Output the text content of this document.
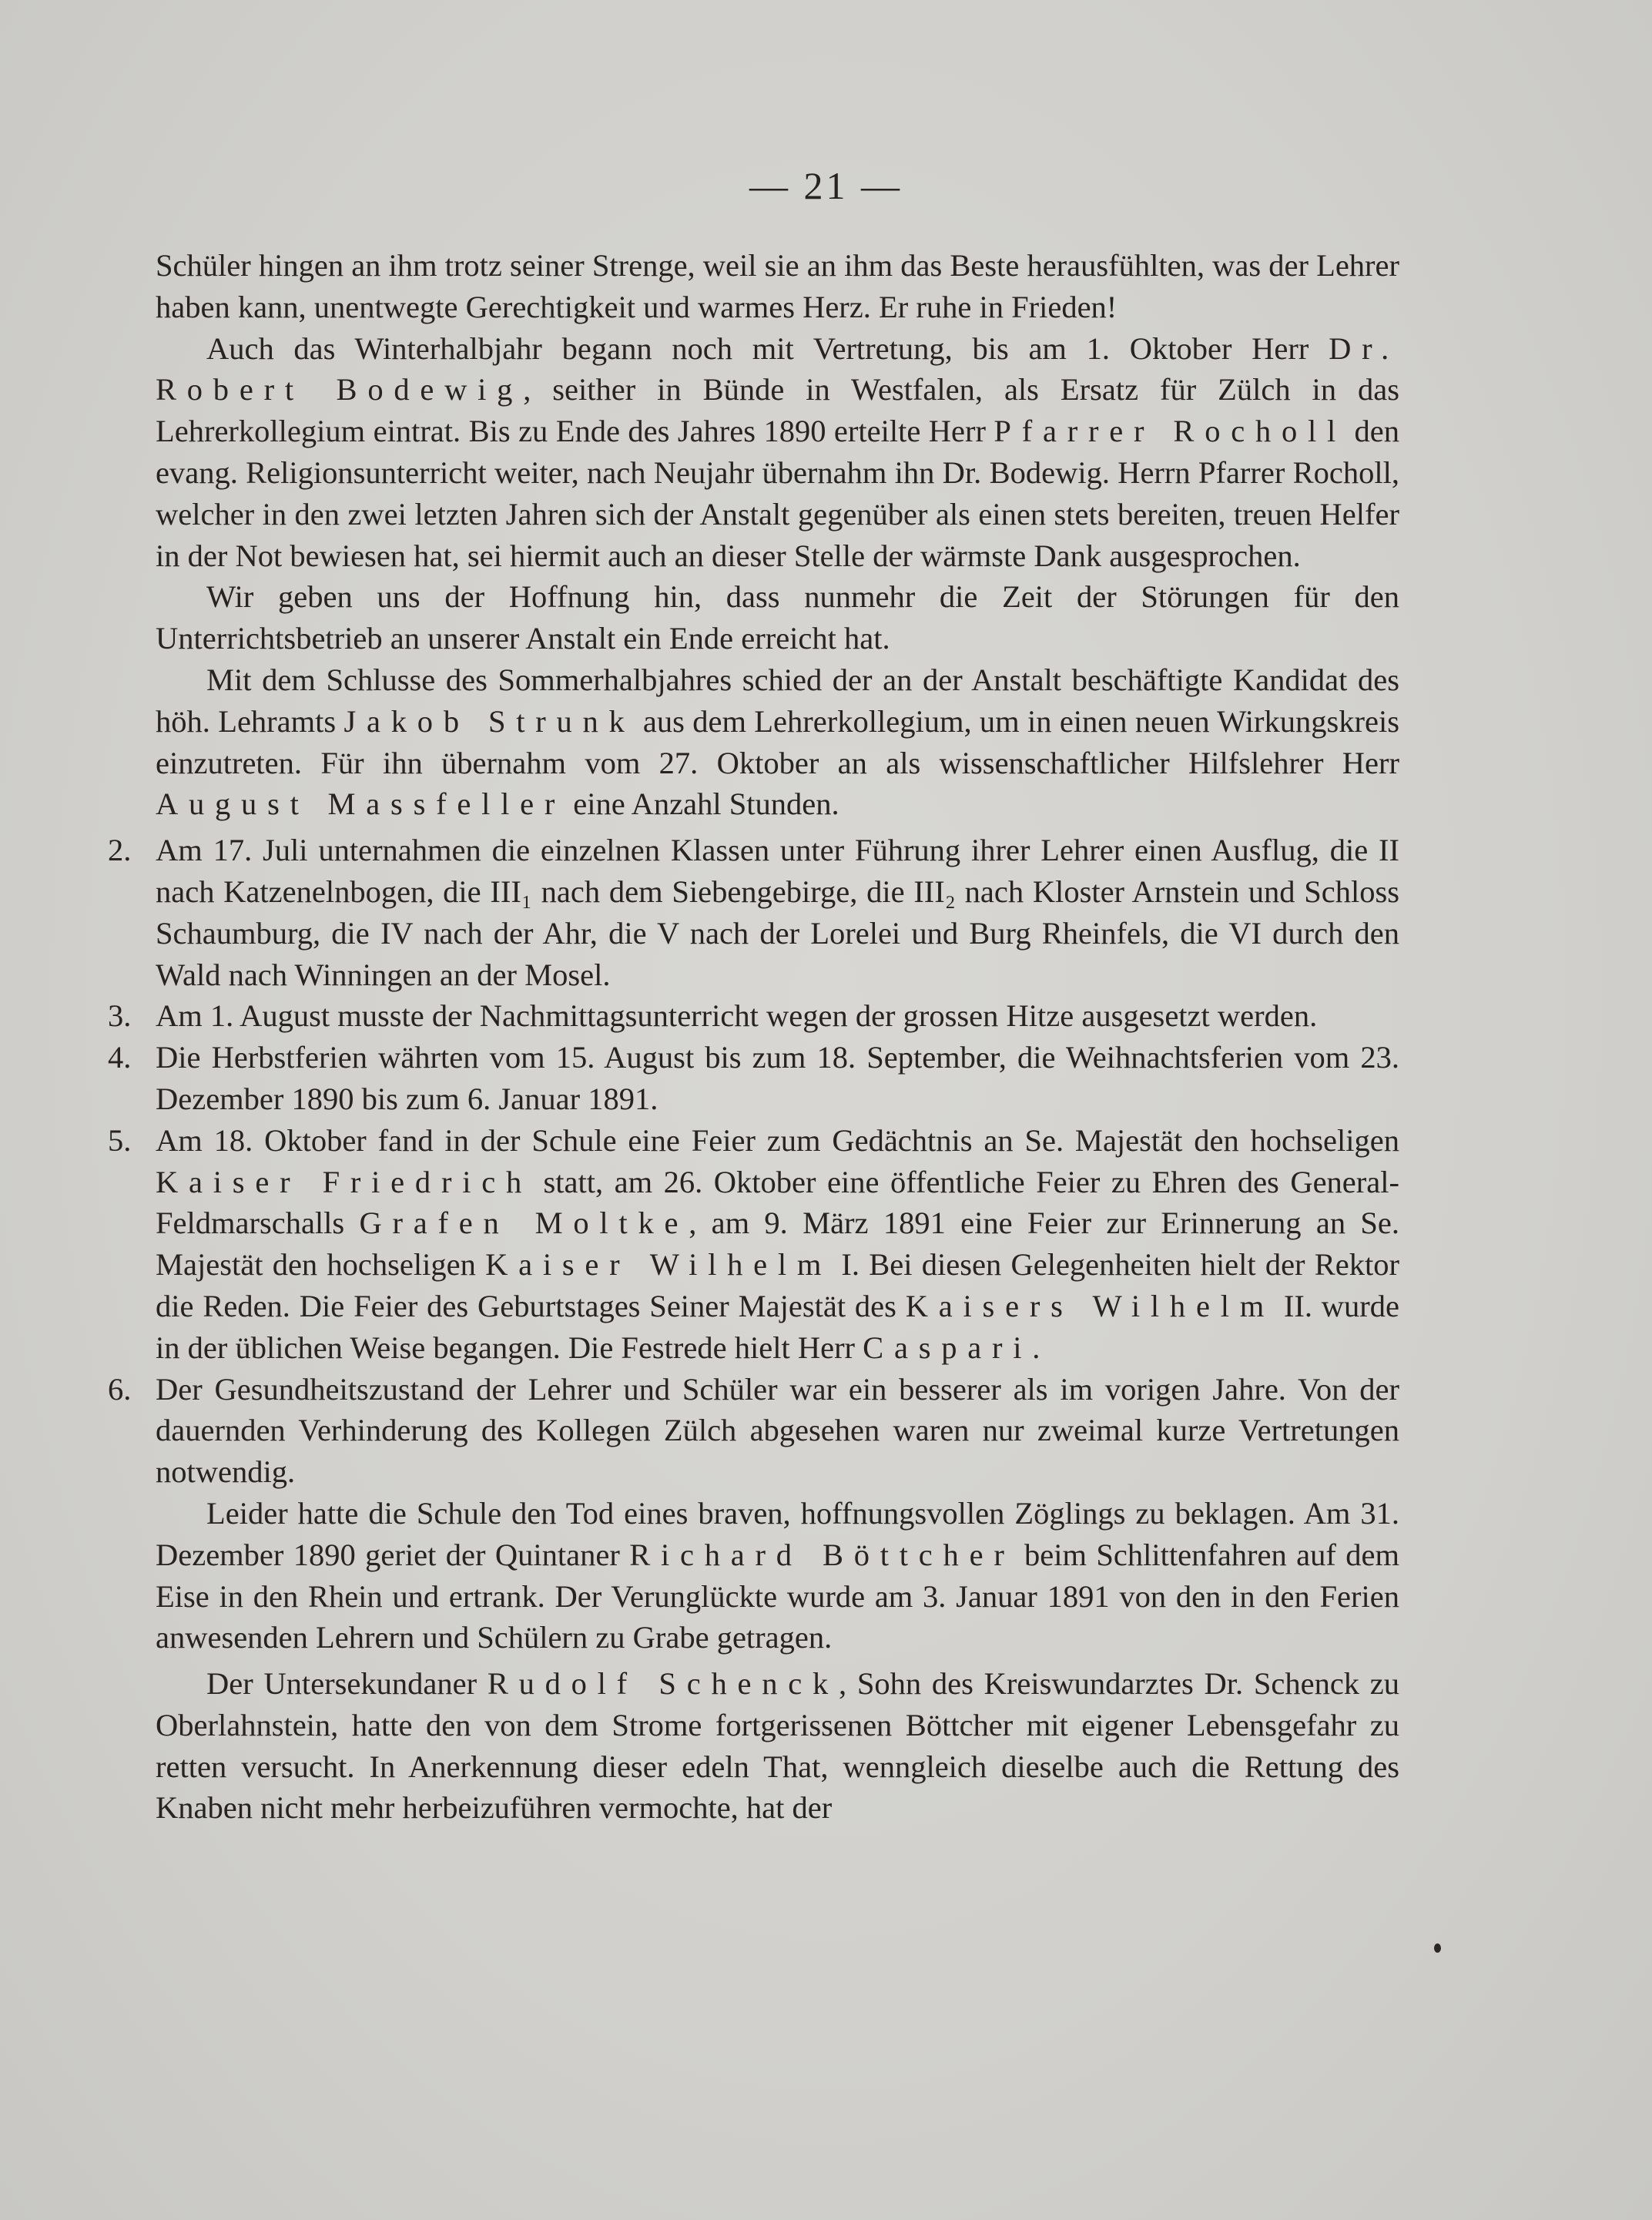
— 21 —

Schüler hingen an ihm trotz seiner Strenge, weil sie an ihm das Beste herausfühlten, was der Lehrer haben kann, unentwegte Gerechtigkeit und warmes Herz. Er ruhe in Frieden!

Auch das Winterhalbjahr begann noch mit Vertretung, bis am 1. Oktober Herr Dr. Robert Bodewig, seither in Bünde in Westfalen, als Ersatz für Zülch in das Lehrerkollegium eintrat. Bis zu Ende des Jahres 1890 erteilte Herr Pfarrer Rocholl den evang. Religionsunterricht weiter, nach Neujahr übernahm ihn Dr. Bodewig. Herrn Pfarrer Rocholl, welcher in den zwei letzten Jahren sich der Anstalt gegenüber als einen stets bereiten, treuen Helfer in der Not bewiesen hat, sei hiermit auch an dieser Stelle der wärmste Dank ausgesprochen.

Wir geben uns der Hoffnung hin, dass nunmehr die Zeit der Störungen für den Unterrichtsbetrieb an unserer Anstalt ein Ende erreicht hat.

Mit dem Schlusse des Sommerhalbjahres schied der an der Anstalt beschäftigte Kandidat des höh. Lehramts Jakob Strunk aus dem Lehrerkollegium, um in einen neuen Wirkungskreis einzutreten. Für ihn übernahm vom 27. Oktober an als wissenschaftlicher Hilfslehrer Herr August Massfeller eine Anzahl Stunden.

2. Am 17. Juli unternahmen die einzelnen Klassen unter Führung ihrer Lehrer einen Ausflug, die II nach Katzenelnbogen, die III₁ nach dem Siebengebirge, die III₂ nach Kloster Arnstein und Schloss Schaumburg, die IV nach der Ahr, die V nach der Lorelei und Burg Rheinfels, die VI durch den Wald nach Winningen an der Mosel.

3. Am 1. August musste der Nachmittagsunterricht wegen der grossen Hitze ausgesetzt werden.

4. Die Herbstferien währten vom 15. August bis zum 18. September, die Weihnachtsferien vom 23. Dezember 1890 bis zum 6. Januar 1891.

5. Am 18. Oktober fand in der Schule eine Feier zum Gedächtnis an Se. Majestät den hochseligen Kaiser Friedrich statt, am 26. Oktober eine öffentliche Feier zu Ehren des General-Feldmarschalls Grafen Moltke, am 9. März 1891 eine Feier zur Erinnerung an Se. Majestät den hochseligen Kaiser Wilhelm I. Bei diesen Gelegenheiten hielt der Rektor die Reden. Die Feier des Geburtstages Seiner Majestät des Kaisers Wilhelm II. wurde in der üblichen Weise begangen. Die Festrede hielt Herr Caspari.

6. Der Gesundheitszustand der Lehrer und Schüler war ein besserer als im vorigen Jahre. Von der dauernden Verhinderung des Kollegen Zülch abgesehen waren nur zweimal kurze Vertretungen notwendig.

Leider hatte die Schule den Tod eines braven, hoffnungsvollen Zöglings zu beklagen. Am 31. Dezember 1890 geriet der Quintaner Richard Böttcher beim Schlittenfahren auf dem Eise in den Rhein und ertrank. Der Verunglückte wurde am 3. Januar 1891 von den in den Ferien anwesenden Lehrern und Schülern zu Grabe getragen.

Der Untersekundaner Rudolf Schenck, Sohn des Kreiswundarztes Dr. Schenck zu Oberlahnstein, hatte den von dem Strome fortgerissenen Böttcher mit eigener Lebensgefahr zu retten versucht. In Anerkennung dieser edeln That, wenngleich dieselbe auch die Rettung des Knaben nicht mehr herbeizuführen vermochte, hat der
